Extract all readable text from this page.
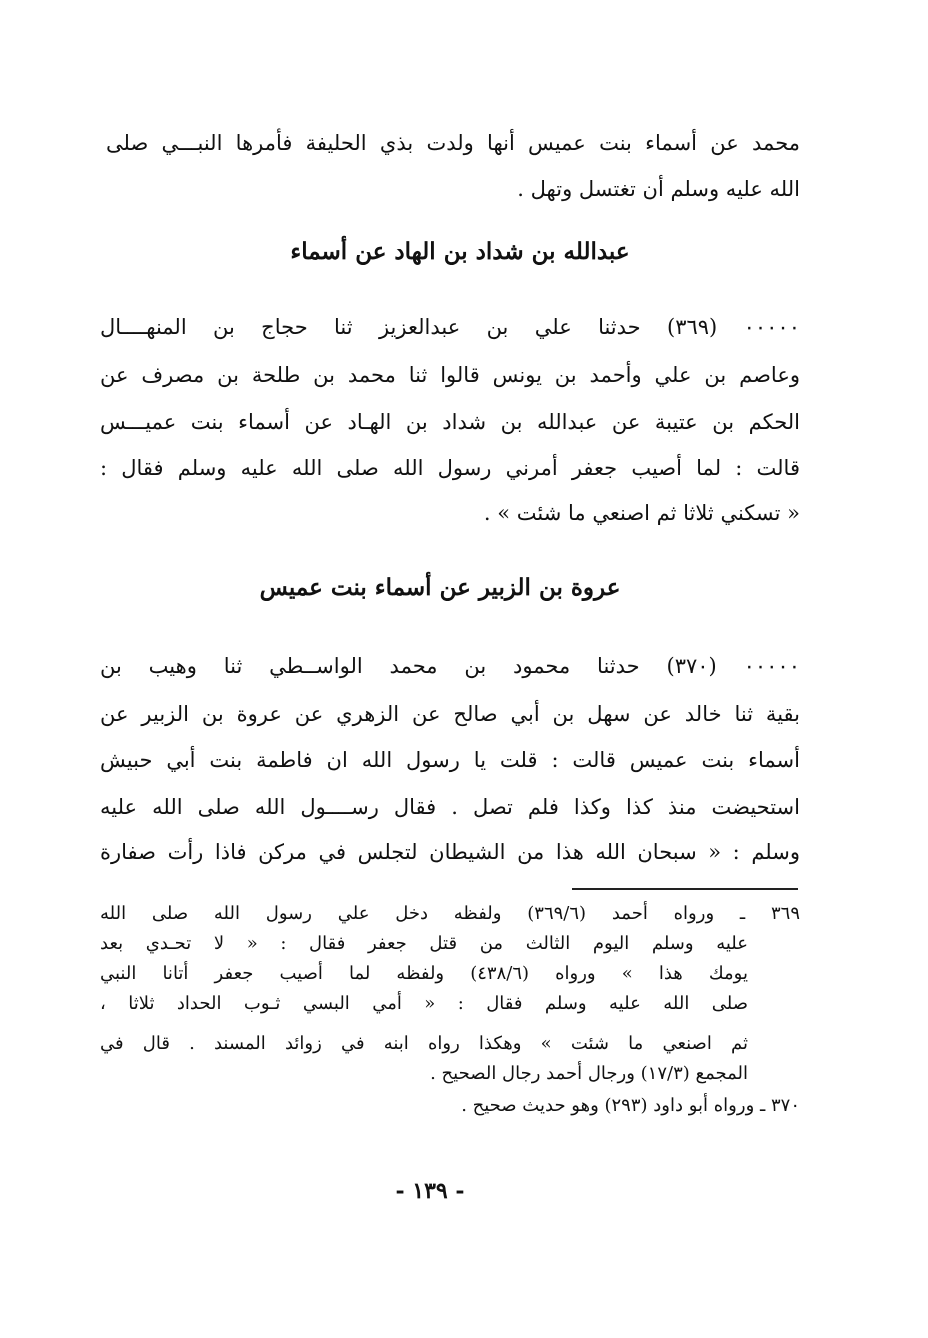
محمد عن أسماء بنت عميس أنها ولدت بذي الحليفة فأمرها النبـــي صلى
الله عليه وسلم أن تغتسل وتهل .
عبدالله بن شداد بن الهاد عن أسماء
٠٠٠٠٠ (٣٦٩) حدثنا علي بن عبدالعزيز ثنا حجاج بن المنهــــال
وعاصم بن علي وأحمد بن يونس قالوا ثنا محمد بن طلحة بن مصرف عن
الحكم بن عتيبة عن عبدالله بن شداد بن الهـاد عن أسماء بنت عميـــس
قالت : لما أصيب جعفر أمرني رسول الله صلى الله عليه وسلم فقال :
« تسكني ثلاثا ثم اصنعي ما شئت » .
عروة بن الزبير عن أسماء بنت عميس
٠٠٠٠٠ (٣٧٠) حدثنا محمود بن محمد الواســطي ثنا وهيب بن
بقية ثنا خالد عن سهل بن أبي صالح عن الزهري عن عروة بن الزبير عن
أسماء بنت عميس قالت : قلت يا رسول الله ان فاطمة بنت أبي حبيش
استحيضت منذ كذا وكذا فلم تصل . فقال رســــول الله صلى الله عليه
وسلم : « سبحان الله هذا من الشيطان لتجلس في مركن فاذا رأت صفارة
٣٦٩ ـ ورواه أحمد (٣٦٩/٦) ولفظه دخل علي رسول الله صلى الله
عليه وسلم اليوم الثالث من قتل جعفر فقال : « لا تحـدي بعد
يومك هذا » ورواه (٤٣٨/٦) ولفظه لما أصيب جعفر أتانا النبي
صلى الله عليه وسلم فقال : « أمي البسي ثـوب الحداد ثلاثا ،
ثم اصنعي ما شئت » وهكذا رواه ابنه في زوائد المسند . قال في
المجمع (١٧/٣) ورجال أحمد رجال الصحيح .
٣٧٠ ـ ورواه أبو داود (٢٩٣) وهو حديث صحيح .
- ١٣٩ -
